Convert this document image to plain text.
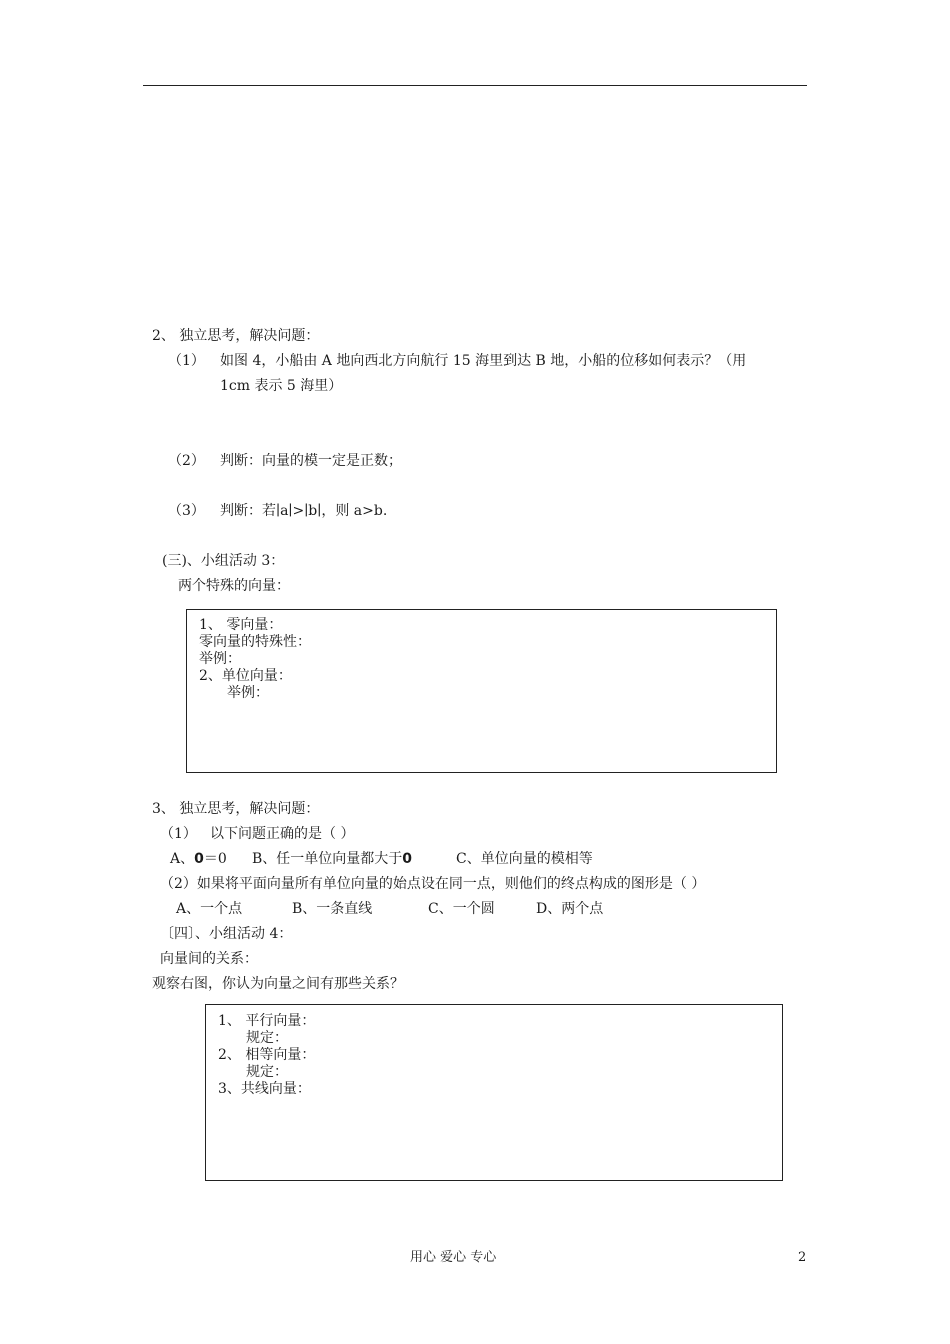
2、 独立思考，解决问题：
（1） 如图 4，小船由 A 地向西北方向航行 15 海里到达 B 地，小船的位移如何表示？（用
1cm 表示 5 海里）
（2） 判断：向量的模一定是正数；
（3） 判断：若∣a∣>∣b∣，则 a>b.
(三)、小组活动 3：
两个特殊的向量：
1、 零向量：
零向量的特殊性：
举例：
2、单位向量：
举例：
3、 独立思考，解决问题：
（1） 以下问题正确的是（ ）
A、0＝0 B、任一单位向量都大于0	C、单位向量的模相等
（2）如果将平面向量所有单位向量的始点设在同一点，则他们的终点构成的图形是（ ）
A、一个点	B、一条直线	C、一个圆	D、两个点
〔四〕、小组活动 4：
向量间的关系：
观察右图，你认为向量之间有那些关系？
1、 平行向量：
规定：
2、 相等向量：
规定：
3、共线向量：
用心 爱心 专心	2
